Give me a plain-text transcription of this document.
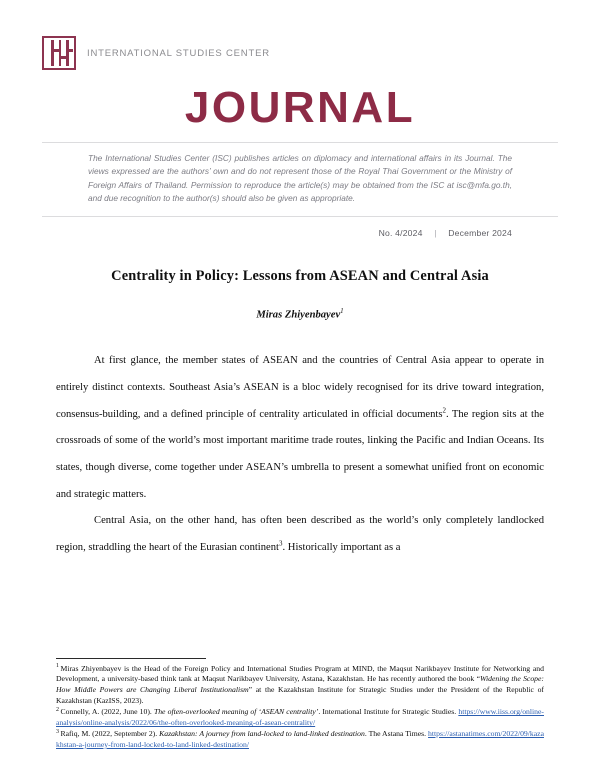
INTERNATIONAL STUDIES CENTER
JOURNAL
The International Studies Center (ISC) publishes articles on diplomacy and international affairs in its Journal. The views expressed are the authors’ own and do not represent those of the Royal Thai Government or the Ministry of Foreign Affairs of Thailand. Permission to reproduce the article(s) may be obtained from the ISC at isc@mfa.go.th, and due recognition to the author(s) should also be given as appropriate.
No. 4/2024 | December 2024
Centrality in Policy: Lessons from ASEAN and Central Asia
Miras Zhiyenbayev$^1$

At first glance, the member states of ASEAN and the countries of Central Asia appear to operate in entirely distinct contexts. Southeast Asia’s ASEAN is a bloc widely recognised for its drive toward integration, consensus-building, and a defined principle of centrality articulated in official documents$^2$. The region sits at the crossroads of some of the world’s most important maritime trade routes, linking the Pacific and Indian Oceans. Its states, though diverse, come together under ASEAN’s umbrella to present a somewhat unified front on economic and strategic matters.

Central Asia, on the other hand, has often been described as the world’s only completely landlocked region, straddling the heart of the Eurasian continent$^3$. Historically important as a

$^1$ Miras Zhiyenbayev is the Head of the Foreign Policy and International Studies Program at MIND, the Maqsut Narikbayev Institute for Networking and Development, a university-based think tank at Maqsut Narikbayev University, Astana, Kazakhstan. He has recently authored the book “Widening the Scope: How Middle Powers are Changing Liberal Institutionalism” at the Kazakhstan Institute for Strategic Studies under the President of the Republic of Kazakhstan (KazISS, 2023).

$^2$ Connelly, A. (2022, June 10). The often-overlooked meaning of ‘ASEAN centrality’. International Institute for Strategic Studies. https://www.iiss.org/online-analysis/online-analysis/2022/06/the-often-overlooked-meaning-of-asean-centrality/

$^3$ Rafiq, M. (2022, September 2). Kazakhstan: A journey from land-locked to land-linked destination. The Astana Times. https://astanatimes.com/2022/09/kazakhstan-a-journey-from-land-locked-to-land-linked-destination/
